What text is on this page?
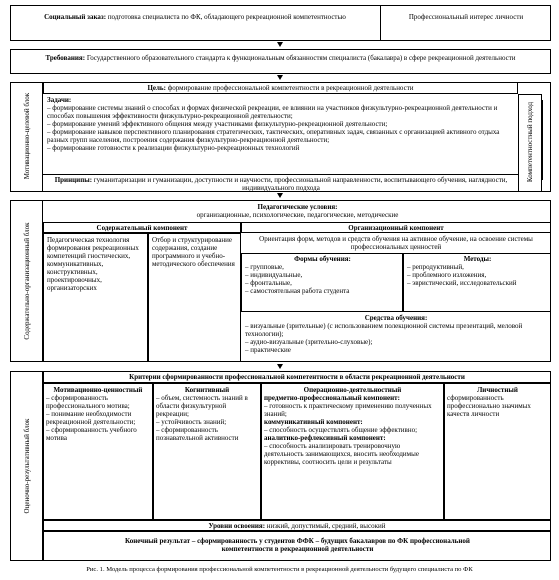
Социальный заказ: подготовка специалиста по ФК, обладающего рекреационной компетентностью	Профессиональный интерес личности
Требования: Государственного образовательного стандарта к функциональным обязанностям специалиста (бакалавра) в сфере рекреационной деятельности
Мотивационно-целевой блок
Цель: формирование профессиональной компетентности в рекреационной деятельности
Задачи:
– формирование системы знаний о способах и формах физической рекреации, ее влиянии на участников физкультурно-рекреационной деятельности и способах повышения эффективности физкультурно-рекреационной деятельности;
– формирование умений эффективного общения между участниками физкультурно-рекреационной деятельности;
– формирование навыков перспективного планирования стратегических, тактических, оперативных задач, связанных с организацией активного отдыха разных групп населения, построения содержания физкультурно-рекреационной деятельности;
– формирование готовности к реализации физкультурно-рекреационных технологий
Принципы: гуманитаризации и гуманизации, доступности и научности, профессиональной направленности, воспитывающего обучения, наглядности, индивидуального подхода
Компетентностный подход
Содержательно-организационный блок
Педагогические условия:
организационные, психологические, педагогические, методические
Содержательный компонент
Педагогическая технология формирования рекреационных компетенций гностических, коммуникативных, конструктивных, проектировочных, организаторских
Отбор и структурирование содержания, создание программного и учебно-методического обеспечения
Организационный компонент
Ориентация форм, методов и средств обучения на активное обучение, на освоение системы профессиональных ценностей
Формы обучения:
– групповые,
– индивидуальные,
– фронтальные,
– самостоятельная работа студента
Методы:
– репродуктивный,
– проблемного изложения,
– эвристический, исследовательский
Средства обучения:
– визуальные (зрительные) (с использованием полекционной системы презентаций, меловой технологии);
– аудио-визуальные (зрительно-слуховые);
– практические
Оценочно-результативный блок
Критерии сформированности профессиональной компетентности в области рекреационной деятельности
Мотивационно-ценностный
– сформированность профессионального мотива;
– понимание необходимости рекреационной деятельности;
– сформированность учебного мотива
Когнитивный
– объем, системность знаний в области физкультурной рекреации;
– устойчивость знаний;
– сформированность познавательной активности
Операционно-деятельностный
предметно-профессиональный компонент:
– готовность к практическому применению полученных знаний;
коммуникативный компонент:
– способность осуществлять общение эффективно;
аналитико-рефлексивный компонент:
– способность анализировать тренировочную деятельность занимающихся, вносить необходимые коррективы, соотносить цели и результаты
Личностный
сформированность профессионально значимых качеств личности
Уровни освоения: низкий, допустимый, средний, высокий
Конечный результат – сформированность у студентов ФФК – будущих бакалавров по ФК профессиональной компетентности в рекреационной деятельности
Рис. 1. Модель процесса формирования профессиональной компетентности в рекреационной деятельности будущего специалиста по ФК
